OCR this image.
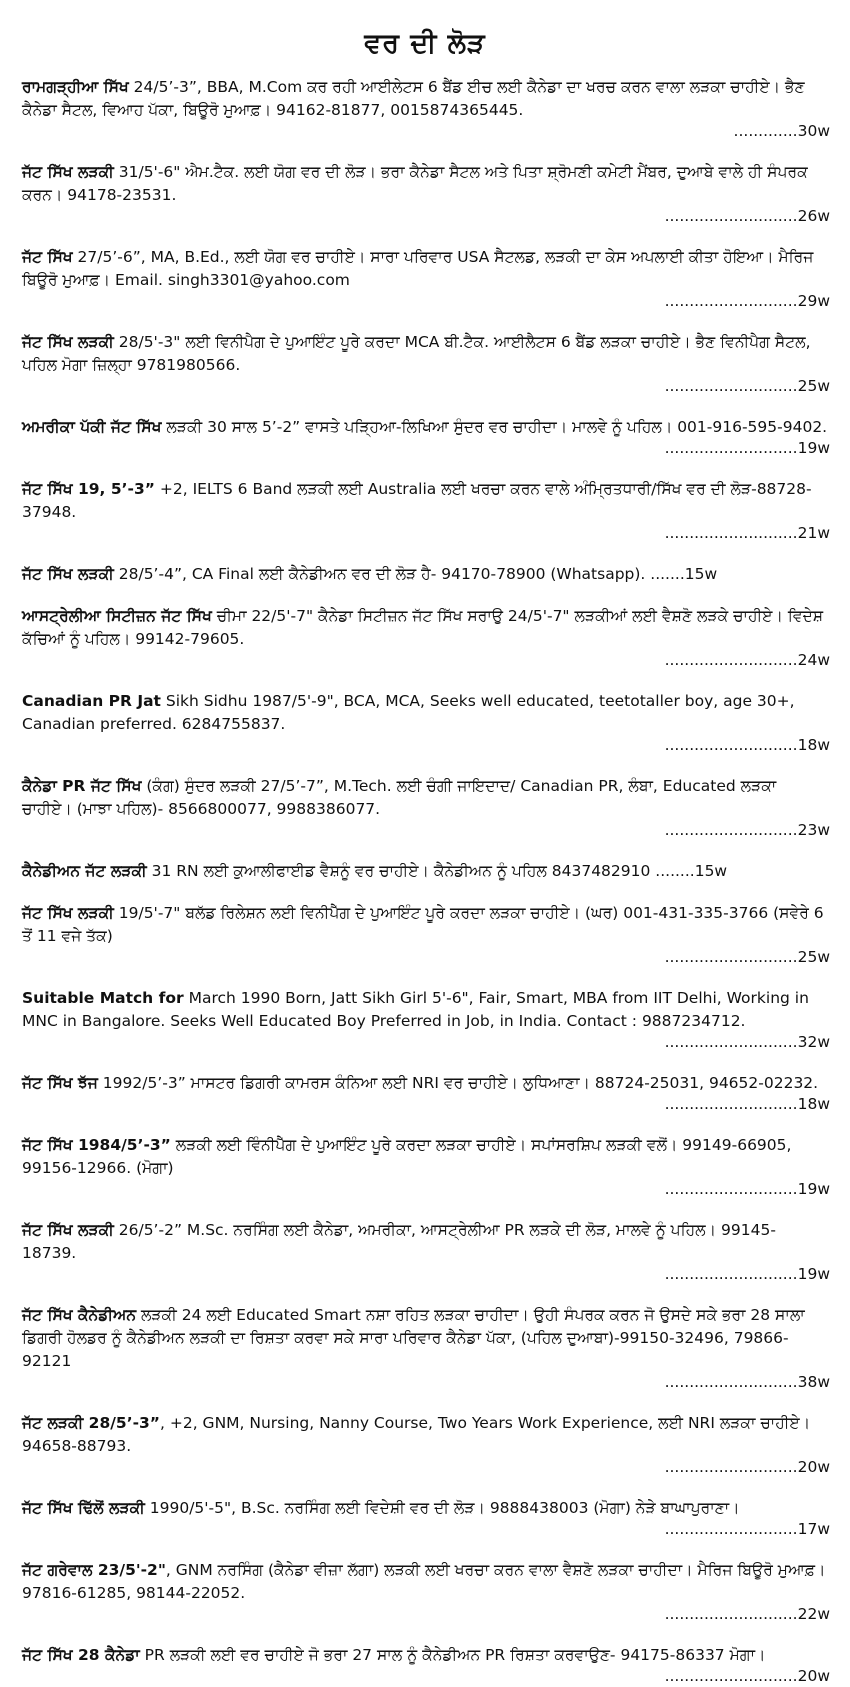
ਵਰ ਦੀ ਲੋੜ
ਰਾਮਗੜ੍ਹੀਆ ਸਿੱਖ 24/5’-3”, BBA, M.Com ਕਰ ਰਹੀ ਆਈਲੇਟਸ 6 ਬੈਂਡ ਈਚ ਲਈ ਕੈਨੇਡਾ ਦਾ ਖਰਚ ਕਰਨ ਵਾਲਾ ਲੜਕਾ ਚਾਹੀਏ। ਭੈਣ ਕੈਨੇਡਾ ਸੈਟਲ, ਵਿਆਹ ਪੱਕਾ, ਬਿਊਰੋ ਮੁਆਫ਼। 94162-81877, 0015874365445.
.............30w
ਜੱਟ ਸਿੱਖ ਲੜਕੀ 31/5'-6" ਐਮ.ਟੈਕ. ਲਈ ਯੋਗ ਵਰ ਦੀ ਲੋੜ। ਭਰਾ ਕੈਨੇਡਾ ਸੈਟਲ ਅਤੇ ਪਿਤਾ ਸ਼੍ਰੋਮਣੀ ਕਮੇਟੀ ਮੈਂਬਰ, ਦੁਆਬੇ ਵਾਲੇ ਹੀ ਸੰਪਰਕ ਕਰਨ। 94178-23531.
...........................26w
ਜੱਟ ਸਿੱਖ 27/5’-6”, MA, B.Ed., ਲਈ ਯੋਗ ਵਰ ਚਾਹੀਏ। ਸਾਰਾ ਪਰਿਵਾਰ USA ਸੈਟਲਡ, ਲੜਕੀ ਦਾ ਕੇਸ ਅਪਲਾਈ ਕੀਤਾ ਹੋਇਆ। ਮੈਰਿਜ ਬਿਊਰੋ ਮੁਆਫ਼। Email. singh3301@yahoo.com
...........................29w
ਜੱਟ ਸਿੱਖ ਲੜਕੀ 28/5'-3" ਲਈ ਵਿਨੀਪੈਗ ਦੇ ਪੁਆਇੰਟ ਪੂਰੇ ਕਰਦਾ MCA ਬੀ.ਟੈਕ. ਆਈਲੈਟਸ 6 ਬੈਂਡ ਲੜਕਾ ਚਾਹੀਏ। ਭੈਣ ਵਿਨੀਪੈਗ ਸੈਟਲ, ਪਹਿਲ ਮੋਗਾ ਜ਼ਿਲ੍ਹਾ 9781980566.
...........................25w
ਅਮਰੀਕਾ ਪੱਕੀ ਜੱਟ ਸਿੱਖ ਲੜਕੀ 30 ਸਾਲ 5’-2” ਵਾਸਤੇ ਪੜ੍ਹਿਆ-ਲਿਖਿਆ ਸੁੰਦਰ ਵਰ ਚਾਹੀਦਾ। ਮਾਲਵੇ ਨੂੰ ਪਹਿਲ। 001-916-595-9402.
...........................19w
ਜੱਟ ਸਿੱਖ 19, 5’-3” +2, IELTS 6 Band ਲੜਕੀ ਲਈ Australia ਲਈ ਖਰਚਾ ਕਰਨ ਵਾਲੇ ਅੰਮ੍ਰਿਤਧਾਰੀ/ਸਿੱਖ ਵਰ ਦੀ ਲੋੜ-88728-37948.
...........................21w
ਜੱਟ ਸਿੱਖ ਲੜਕੀ 28/5’-4”, CA Final ਲਈ ਕੈਨੇਡੀਅਨ ਵਰ ਦੀ ਲੋੜ ਹੈ- 94170-78900 (Whatsapp). .......15w
ਆਸਟ੍ਰੇਲੀਆ ਸਿਟੀਜ਼ਨ ਜੱਟ ਸਿੱਖ ਚੀਮਾ 22/5'-7" ਕੈਨੇਡਾ ਸਿਟੀਜ਼ਨ ਜੱਟ ਸਿੱਖ ਸਰਾਉ 24/5'-7" ਲੜਕੀਆਂ ਲਈ ਵੈਸ਼ਣੋ ਲੜਕੇ ਚਾਹੀਏ। ਵਿਦੇਸ਼ ਕੱਚਿਆਂ ਨੂੰ ਪਹਿਲ। 99142-79605.
...........................24w
Canadian PR Jat Sikh Sidhu 1987/5'-9", BCA, MCA, Seeks well educated, teetotaller boy, age 30+, Canadian preferred. 6284755837.
...........................18w
ਕੈਨੇਡਾ PR ਜੱਟ ਸਿੱਖ (ਕੰਗ) ਸੁੰਦਰ ਲੜਕੀ 27/5’-7”, M.Tech. ਲਈ ਚੰਗੀ ਜਾਇਦਾਦ/ Canadian PR, ਲੰਬਾ, Educated ਲੜਕਾ ਚਾਹੀਏ। (ਮਾਝਾ ਪਹਿਲ)- 8566800077, 9988386077.
...........................23w
ਕੈਨੇਡੀਅਨ ਜੱਟ ਲੜਕੀ 31 RN ਲਈ ਕੁਆਲੀਫਾਈਡ ਵੈਸ਼ਨੂੰ ਵਰ ਚਾਹੀਏ। ਕੈਨੇਡੀਅਨ ਨੂੰ ਪਹਿਲ 8437482910 ........15w
ਜੱਟ ਸਿੱਖ ਲੜਕੀ 19/5'-7" ਬਲੱਡ ਰਿਲੇਸ਼ਨ ਲਈ ਵਿਨੀਪੈੱਗ ਦੇ ਪੁਆਇੰਟ ਪੂਰੇ ਕਰਦਾ ਲੜਕਾ ਚਾਹੀਏ। (ਘਰ) 001-431-335-3766 (ਸਵੇਰੇ 6 ਤੋਂ 11 ਵਜੇ ਤੱਕ)
...........................25w
Suitable Match for March 1990 Born, Jatt Sikh Girl 5'-6", Fair, Smart, MBA from IIT Delhi, Working in MNC in Bangalore. Seeks Well Educated Boy Preferred in Job, in India. Contact : 9887234712.
...........................32w
ਜੱਟ ਸਿੱਖ ਝੱਜ 1992/5’-3” ਮਾਸਟਰ ਡਿਗਰੀ ਕਾਮਰਸ ਕੰਨਿਆ ਲਈ NRI ਵਰ ਚਾਹੀਏ। ਲੁਧਿਆਣਾ। 88724-25031, 94652-02232.
...........................18w
ਜੱਟ ਸਿੱਖ 1984/5’-3” ਲੜਕੀ ਲਈ ਵਿੰਨੀਪੈੱਗ ਦੇ ਪੁਆਇੰਟ ਪੂਰੇ ਕਰਦਾ ਲੜਕਾ ਚਾਹੀਏ। ਸਪਾਂਸਰਸ਼ਿਪ ਲੜਕੀ ਵਲੋਂ। 99149-66905, 99156-12966. (ਮੋਗਾ)
...........................19w
ਜੱਟ ਸਿੱਖ ਲੜਕੀ 26/5’-2” M.Sc. ਨਰਸਿੰਗ ਲਈ ਕੈਨੇਡਾ, ਅਮਰੀਕਾ, ਆਸਟ੍ਰੇਲੀਆ PR ਲੜਕੇ ਦੀ ਲੋੜ, ਮਾਲਵੇ ਨੂੰ ਪਹਿਲ। 99145-18739.
...........................19w
ਜੱਟ ਸਿੱਖ ਕੈਨੇਡੀਅਨ ਲੜਕੀ 24 ਲਈ Educated Smart ਨਸ਼ਾ ਰਹਿਤ ਲੜਕਾ ਚਾਹੀਦਾ। ਉਹੀ ਸੰਪਰਕ ਕਰਨ ਜੋ ਉਸਦੇ ਸਕੇ ਭਰਾ 28 ਸਾਲਾ ਡਿਗਰੀ ਹੋਲਡਰ ਨੂੰ ਕੈਨੇਡੀਅਨ ਲੜਕੀ ਦਾ ਰਿਸ਼ਤਾ ਕਰਵਾ ਸਕੇ ਸਾਰਾ ਪਰਿਵਾਰ ਕੈਨੇਡਾ ਪੱਕਾ, (ਪਹਿਲ ਦੁਆਬਾ)-99150-32496, 79866-92121
...........................38w
ਜੱਟ ਲੜਕੀ 28/5’-3”, +2, GNM, Nursing, Nanny Course, Two Years Work Experience, ਲਈ NRI ਲੜਕਾ ਚਾਹੀਏ। 94658-88793.
...........................20w
ਜੱਟ ਸਿੱਖ ਢਿੱਲੋਂ ਲੜਕੀ 1990/5'-5", B.Sc. ਨਰਸਿੰਗ ਲਈ ਵਿਦੇਸ਼ੀ ਵਰ ਦੀ ਲੋੜ। 9888438003 (ਮੋਗਾ) ਨੇੜੇ ਬਾਘਾਪੁਰਾਣਾ।
...........................17w
ਜੱਟ ਗਰੇਵਾਲ 23/5'-2", GNM ਨਰਸਿੰਗ (ਕੈਨੇਡਾ ਵੀਜ਼ਾ ਲੱਗਾ) ਲੜਕੀ ਲਈ ਖਰਚਾ ਕਰਨ ਵਾਲਾ ਵੈਸ਼ਣੋ ਲੜਕਾ ਚਾਹੀਦਾ। ਮੈਰਿਜ ਬਿਊਰੋ ਮੁਆਫ਼। 97816-61285, 98144-22052.
...........................22w
ਜੱਟ ਸਿੱਖ 28 ਕੈਨੇਡਾ PR ਲੜਕੀ ਲਈ ਵਰ ਚਾਹੀਏ ਜੋ ਭਰਾ 27 ਸਾਲ ਨੂੰ ਕੈਨੇਡੀਅਨ PR ਰਿਸ਼ਤਾ ਕਰਵਾਉਣ- 94175-86337 ਮੋਗਾ।
...........................20w
